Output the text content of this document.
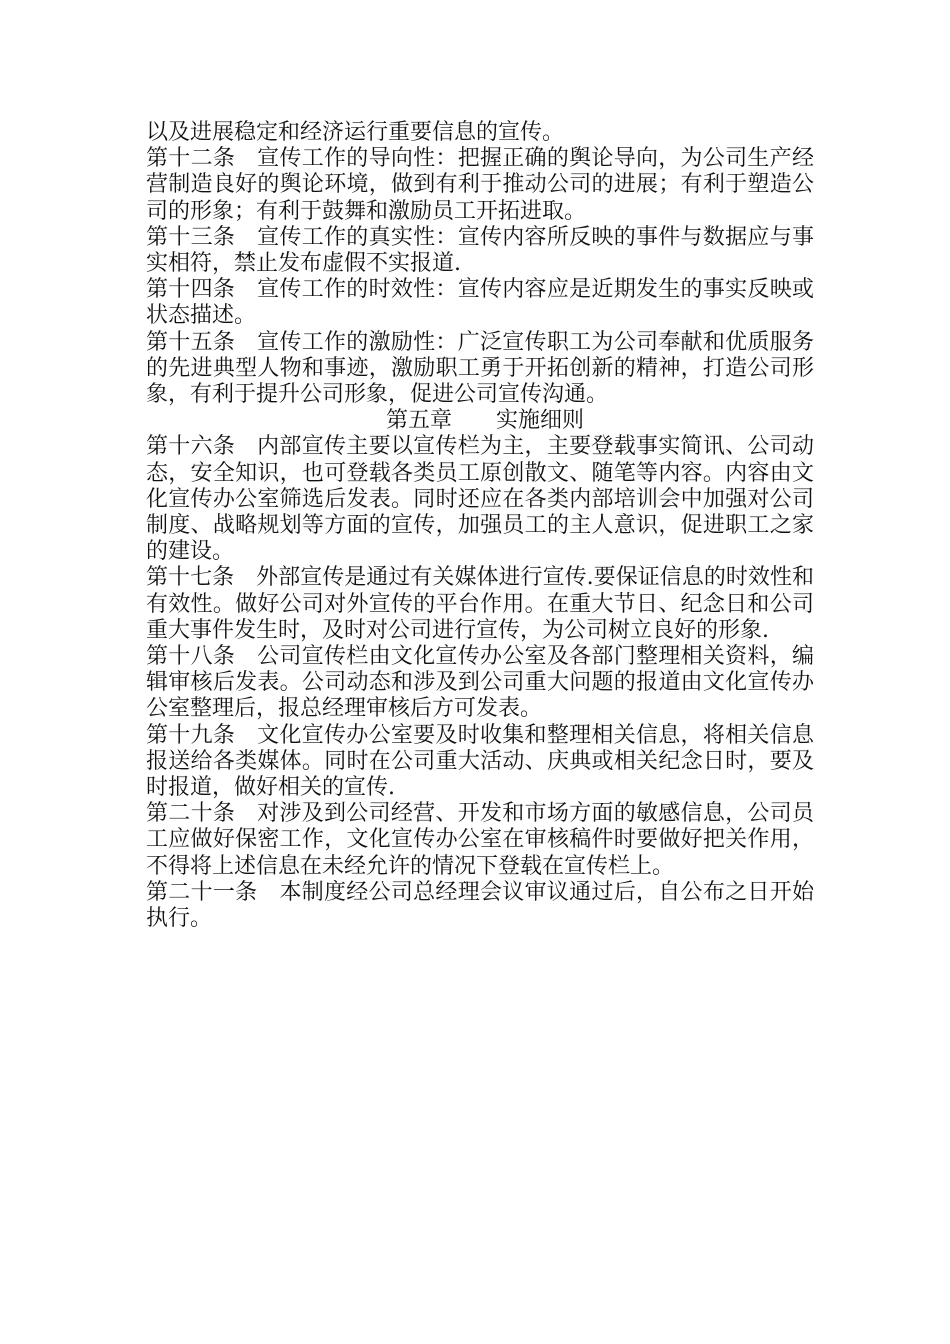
以及进展稳定和经济运行重要信息的宣传。

第十二条 宣传工作的导向性：把握正确的舆论导向，为公司生产经营制造良好的舆论环境，做到有利于推动公司的进展；有利于塑造公司的形象；有利于鼓舞和激励员工开拓进取。

第十三条 宣传工作的真实性：宣传内容所反映的事件与数据应与事实相符，禁止发布虚假不实报道.

第十四条 宣传工作的时效性：宣传内容应是近期发生的事实反映或状态描述。

第十五条 宣传工作的激励性：广泛宣传职工为公司奉献和优质服务的先进典型人物和事迹，激励职工勇于开拓创新的精神，打造公司形象，有利于提升公司形象，促进公司宣传沟通。

第五章 实施细则

第十六条 内部宣传主要以宣传栏为主，主要登载事实简讯、公司动态，安全知识，也可登载各类员工原创散文、随笔等内容。内容由文化宣传办公室筛选后发表。同时还应在各类内部培训会中加强对公司制度、战略规划等方面的宣传，加强员工的主人意识，促进职工之家的建设。

第十七条 外部宣传是通过有关媒体进行宣传.要保证信息的时效性和有效性。做好公司对外宣传的平台作用。在重大节日、纪念日和公司重大事件发生时，及时对公司进行宣传，为公司树立良好的形象.

第十八条 公司宣传栏由文化宣传办公室及各部门整理相关资料，编辑审核后发表。公司动态和涉及到公司重大问题的报道由文化宣传办公室整理后，报总经理审核后方可发表。

第十九条 文化宣传办公室要及时收集和整理相关信息，将相关信息报送给各类媒体。同时在公司重大活动、庆典或相关纪念日时，要及时报道，做好相关的宣传.

第二十条 对涉及到公司经营、开发和市场方面的敏感信息，公司员工应做好保密工作，文化宣传办公室在审核稿件时要做好把关作用，不得将上述信息在未经允许的情况下登载在宣传栏上。

第二十一条 本制度经公司总经理会议审议通过后，自公布之日开始执行。
